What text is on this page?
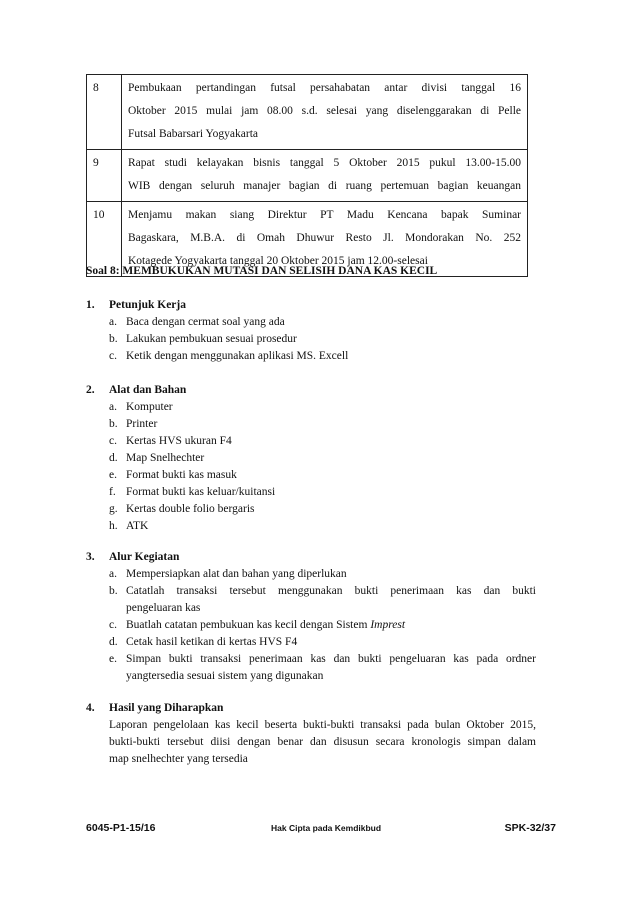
8	Pembukaan pertandingan futsal persahabatan antar divisi tanggal 16

Oktober 2015 mulai jam 08.00 s.d. selesai yang diselenggarakan di Pelle

Futsal Babarsari Yogyakarta

9	Rapat studi kelayakan bisnis tanggal 5 Oktober 2015 pukul 13.00-15.00

WIB dengan seluruh manajer bagian di ruang pertemuan bagian keuangan

10	Menjamu makan siang Direktur PT Madu Kencana bapak Suminar

Bagaskara, M.B.A. di Omah Dhuwur Resto Jl. Mondorakan No. 252

Kotagede Yogyakarta tanggal 20 Oktober 2015 jam 12.00-selesai

Soal 8: MEMBUKUKAN MUTASI DAN SELISIH DANA KAS KECIL

1. Petunjuk Kerja

a. Baca dengan cermat soal yang ada
b. Lakukan pembukuan sesuai prosedur
c. Ketik dengan menggunakan aplikasi MS. Excell

2. Alat dan Bahan

a. Komputer
b. Printer
c. Kertas HVS ukuran F4
d. Map Snelhechter
e. Format bukti kas masuk
f. Format bukti kas keluar/kuitansi
g. Kertas double folio bergaris
h. ATK

3. Alur Kegiatan

a. Mempersiapkan alat dan bahan yang diperlukan
b. Catatlah transaksi tersebut menggunakan bukti penerimaan kas dan bukti
pengeluaran kas
c. Buatlah catatan pembukuan kas kecil dengan Sistem Imprest
d. Cetak hasil ketikan di kertas HVS F4
e. Simpan bukti transaksi penerimaan kas dan bukti pengeluaran kas pada ordner
yangtersedia sesuai sistem yang digunakan

4. Hasil yang Diharapkan

Laporan pengelolaan kas kecil beserta bukti-bukti transaksi pada bulan Oktober 2015,
bukti-bukti tersebut diisi dengan benar dan disusun secara kronologis simpan dalam
map snelhechter yang tersedia

6045-P1-15/16	Hak Cipta pada Kemdikbud	SPK-32/37
